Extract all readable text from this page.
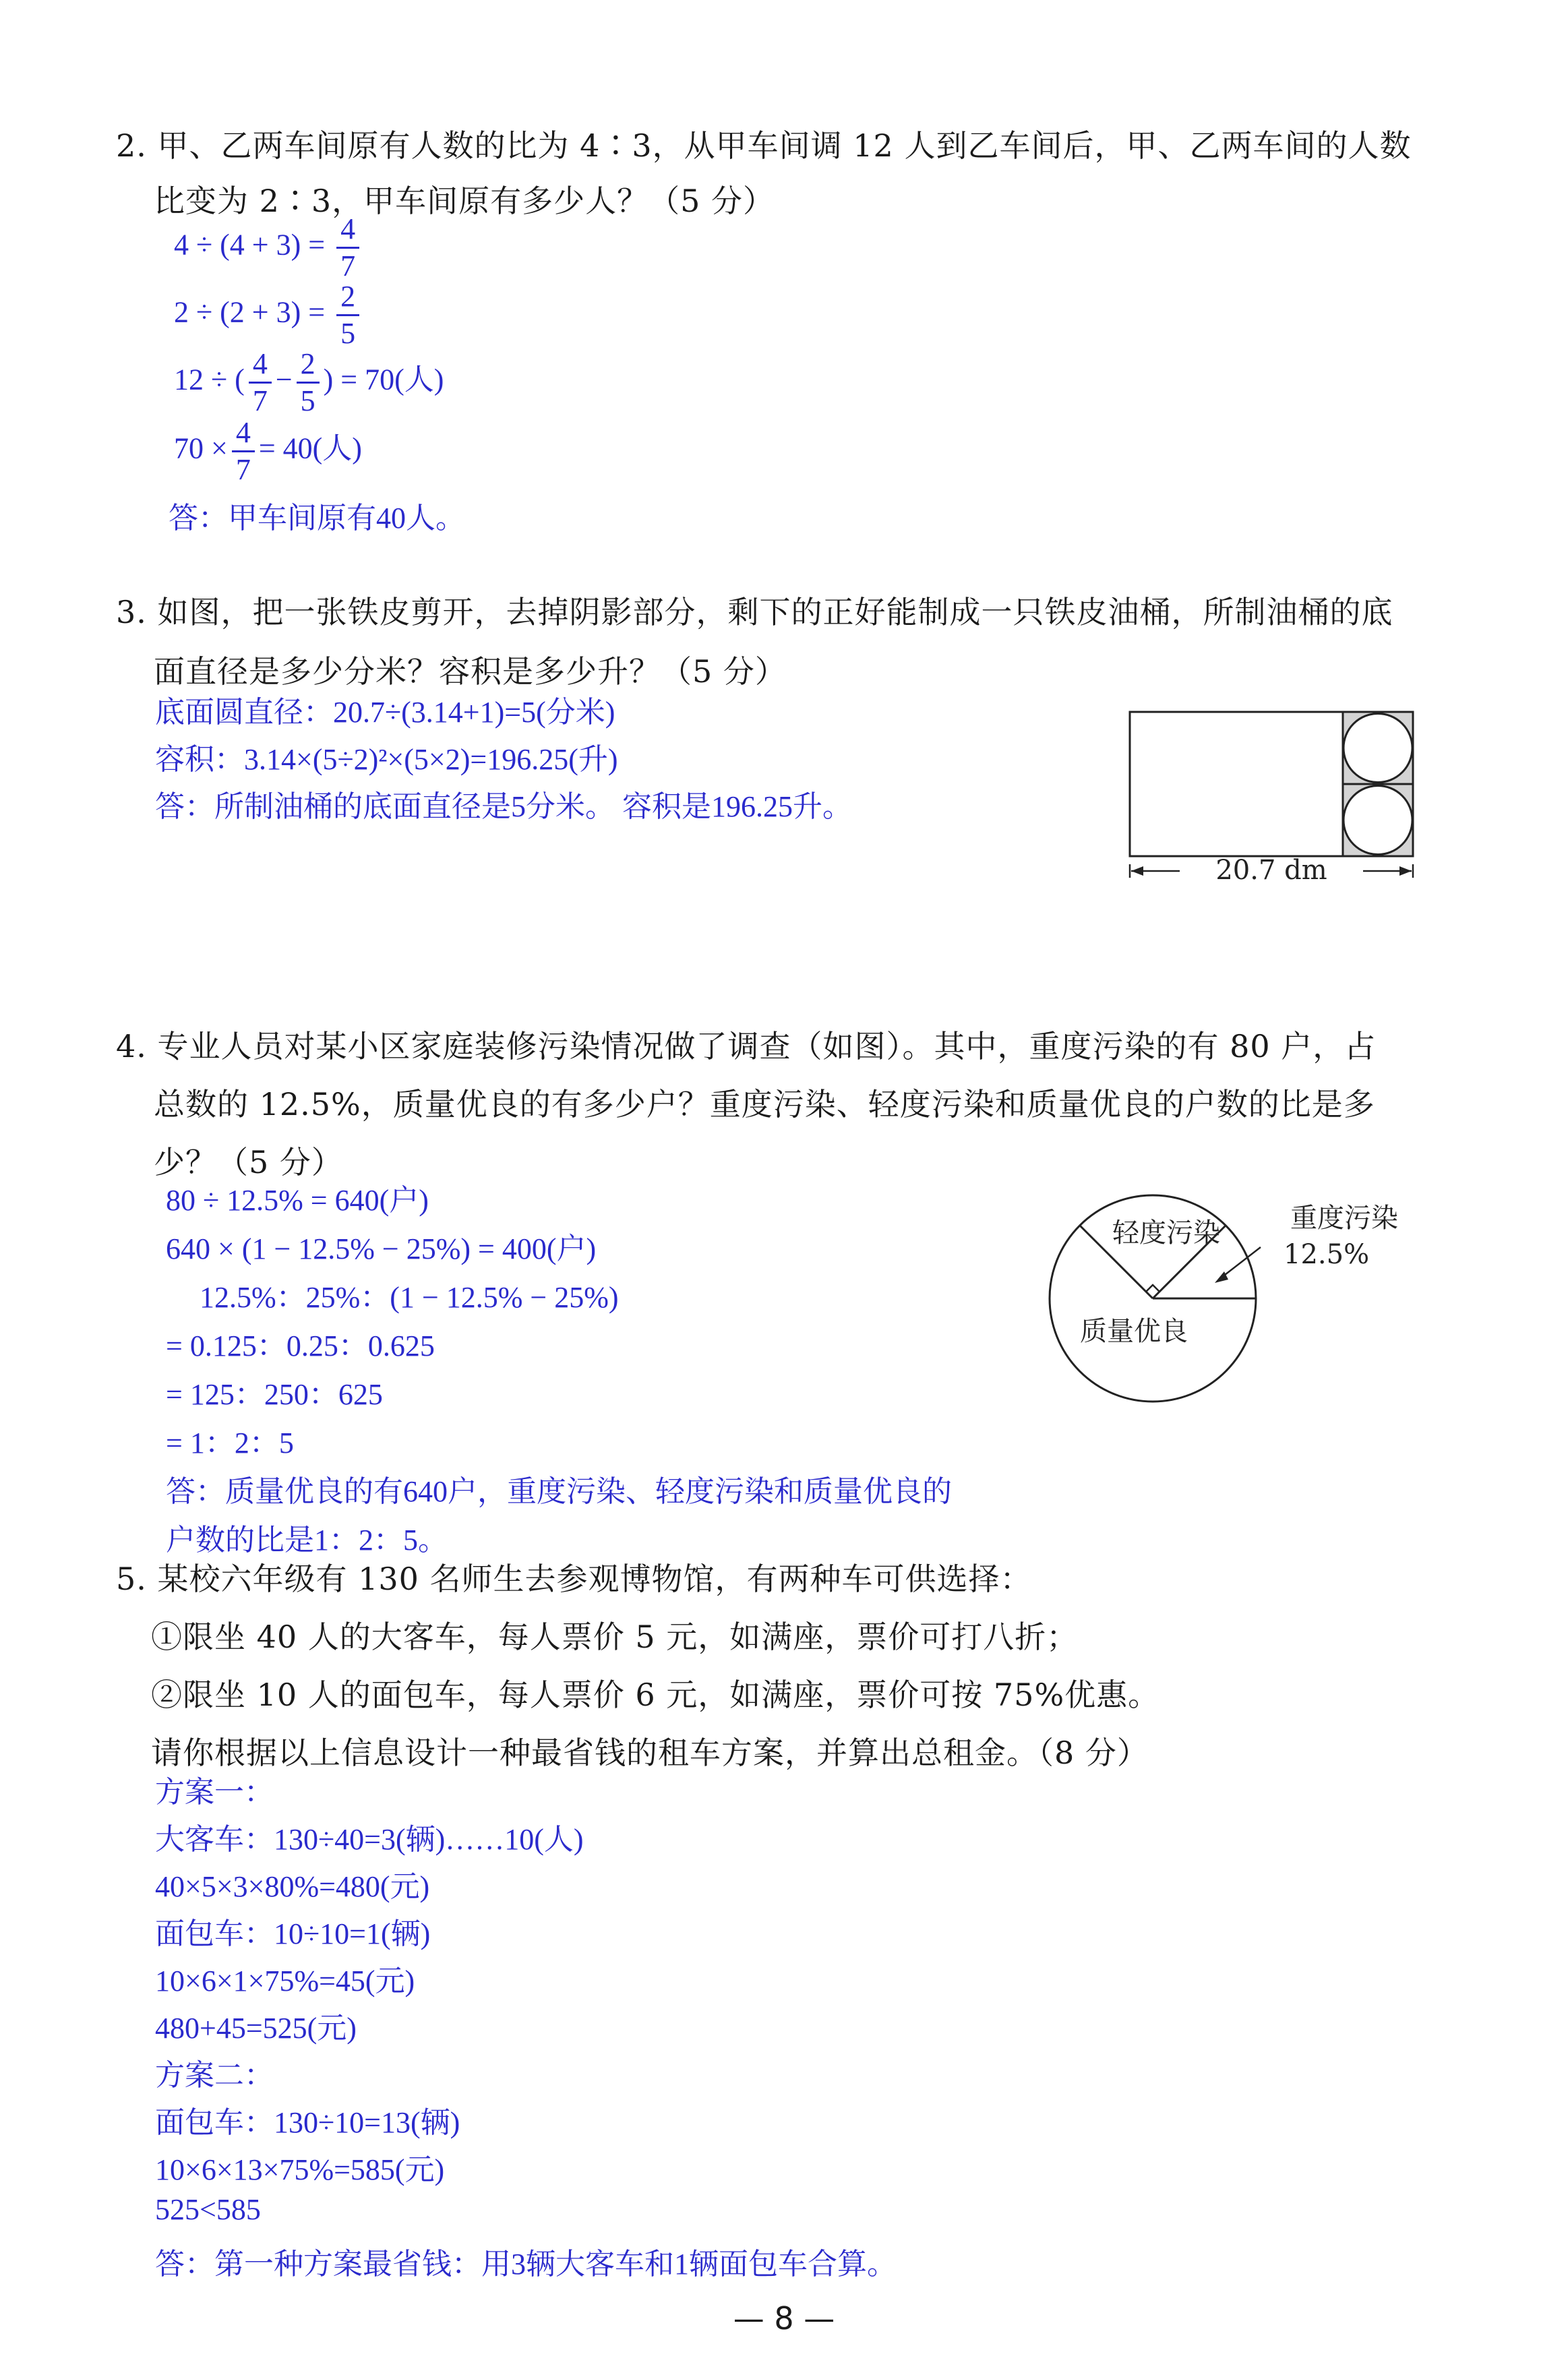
2. 甲、乙两车间原有人数的比为 4∶3，从甲车间调 12 人到乙车间后，甲、乙两车间的人数
比变为 2∶3，甲车间原有多少人？（5 分）
$4 \div (4 + 3) = \frac{4}{7}$
$2 \div (2 + 3) = \frac{2}{5}$
12 ÷ ( $\frac{4}{7} - \frac{2}{5}$ ) = 70(人)
$70 \times \frac{4}{7} = 40$(人)
答：甲车间原有40人。
3. 如图，把一张铁皮剪开，去掉阴影部分，剩下的正好能制成一只铁皮油桶，所制油桶的底
面直径是多少分米？容积是多少升？（5 分）
底面圆直径：20.7÷(3.14+1)=5(分米)
容积：3.14×(5÷2)²×(5×2)=196.25(升)
答：所制油桶的底面直径是5分米。 容积是196.25升。
20.7 dm
4. 专业人员对某小区家庭装修污染情况做了调查（如图）。其中，重度污染的有 80 户，占
总数的 12.5%，质量优良的有多少户？重度污染、轻度污染和质量优良的户数的比是多
少？（5 分）
80 ÷ 12.5% = 640(户)
640 × (1 − 12.5% − 25%) = 400(户)
12.5%：25%：(1 − 12.5% − 25%)
= 0.125：0.25：0.625
= 125：250：625
= 1：2：5
答：质量优良的有640户，重度污染、轻度污染和质量优良的
户数的比是1：2：5。
轻度污染
质量优良
重度污染
12.5%
5. 某校六年级有 130 名师生去参观博物馆，有两种车可供选择：
①限坐 40 人的大客车，每人票价 5 元，如满座，票价可打八折；
②限坐 10 人的面包车，每人票价 6 元，如满座，票价可按 75%优惠。
请你根据以上信息设计一种最省钱的租车方案，并算出总租金。（8 分）
方案一：
大客车：130÷40=3(辆)……10(人)
40×5×3×80%=480(元)
面包车：10÷10=1(辆)
10×6×1×75%=45(元)
480+45=525(元)
方案二：
面包车：130÷10=13(辆)
10×6×13×75%=585(元)
525<585
答：第一种方案最省钱：用3辆大客车和1辆面包车合算。
— 8 —
